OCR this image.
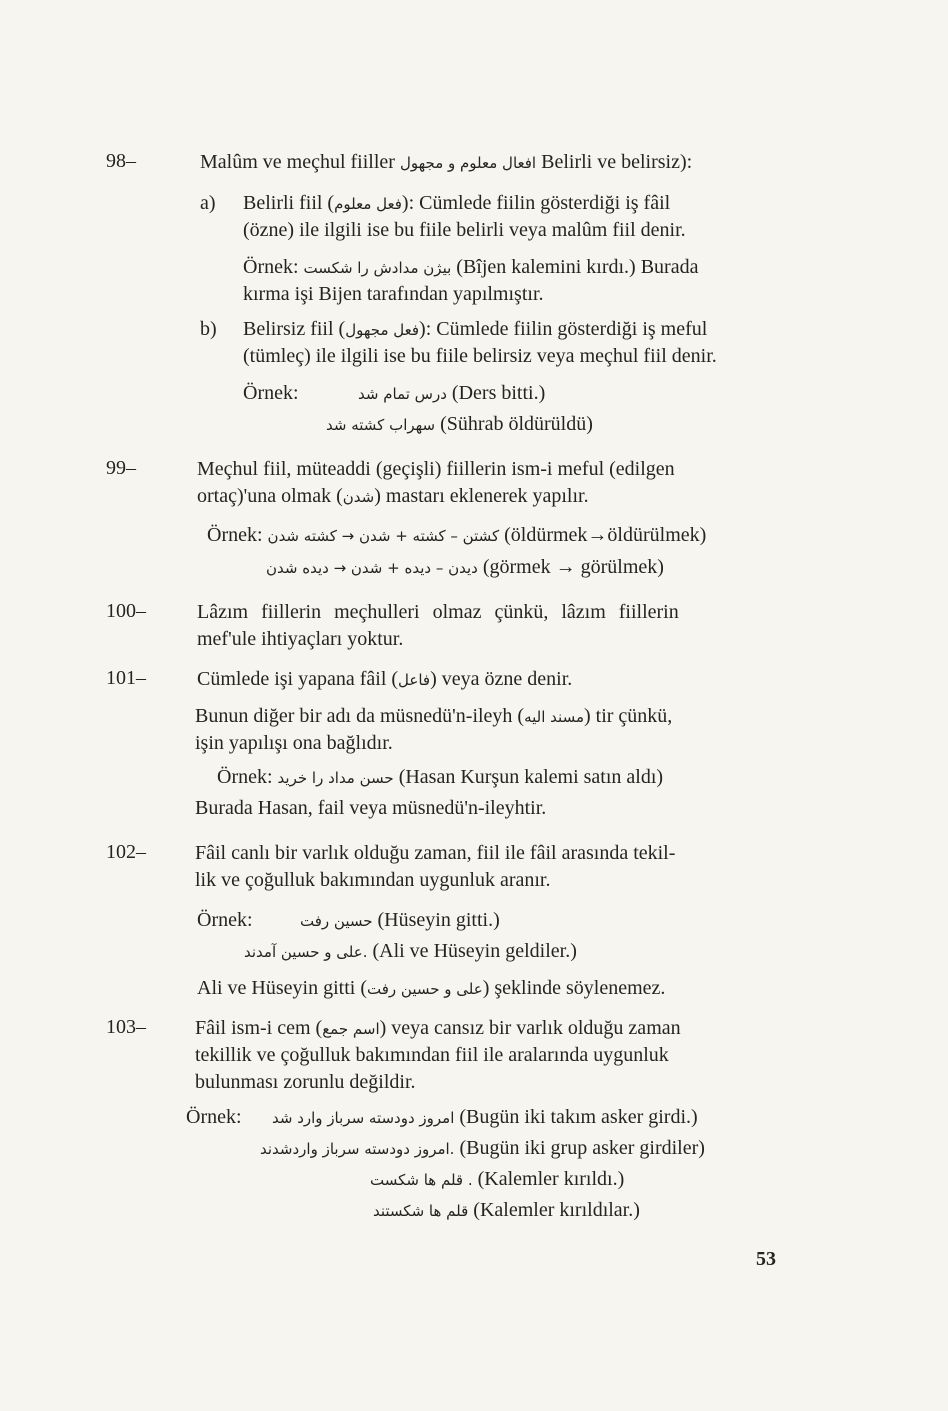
98–	Malûm ve meçhul fiiller افعال معلوم و مجهول Belirli ve belirsiz):
a) Belirli fiil (فعل معلوم): Cümlede fiilin gösterdiği iş fâil
(özne) ile ilgili ise bu fiile belirli veya malûm fiil denir.
Örnek: بیژن مدادش را شکست (Bîjen kalemini kırdı.) Burada
kırma işi Bijen tarafından yapılmıştır.
b) Belirsiz fiil (فعل مجهول): Cümlede fiilin gösterdiği iş meful
(tümleç) ile ilgili ise bu fiile belirsiz veya meçhul fiil denir.
Örnek:	درس تمام شد (Ders bitti.)
سهراب کشته شد (Sührab öldürüldü)
99–	Meçhul fiil, müteaddi (geçişli) fiillerin ism-i meful (edilgen
ortaç)'una olmak (شدن) mastarı eklenerek yapılır.
Örnek: کشتن – کشته + شدن → کشته شدن (öldürmek→öldürülmek)
دیدن – دیده + شدن → دیده شدن (görmek → görülmek)
100–	Lâzım fiillerin meçhulleri olmaz çünkü, lâzım fiillerin
mef'ule ihtiyaçları yoktur.
101–	Cümlede işi yapana fâil (فاعل) veya özne denir.
Bunun diğer bir adı da müsnedü'n-ileyh (مسند الیه) tir çünkü,
işin yapılışı ona bağlıdır.
Örnek: حسن مداد را خرید (Hasan Kurşun kalemi satın aldı)
Burada Hasan, fail veya müsnedü'n-ileyhtir.
102– Fâil canlı bir varlık olduğu zaman, fiil ile fâil arasında tekil-
lik ve çoğulluk bakımından uygunluk aranır.
Örnek:	حسین رفت (Hüseyin gitti.)
.علی و حسین آمدند (Ali ve Hüseyin geldiler.)
Ali ve Hüseyin gitti (علی و حسین رفت) şeklinde söylenemez.
103– Fâil ism-i cem (اسم جمع) veya cansız bir varlık olduğu zaman
tekillik ve çoğulluk bakımından fiil ile aralarında uygunluk
bulunması zorunlu değildir.
Örnek: امروز دودسته سرباز وارد شد (Bugün iki takım asker girdi.)
.امروز دودسته سرباز واردشدند (Bugün iki grup asker girdiler)
. قلم ها شکست (Kalemler kırıldı.)
قلم ها شکستند (Kalemler kırıldılar.)
53
